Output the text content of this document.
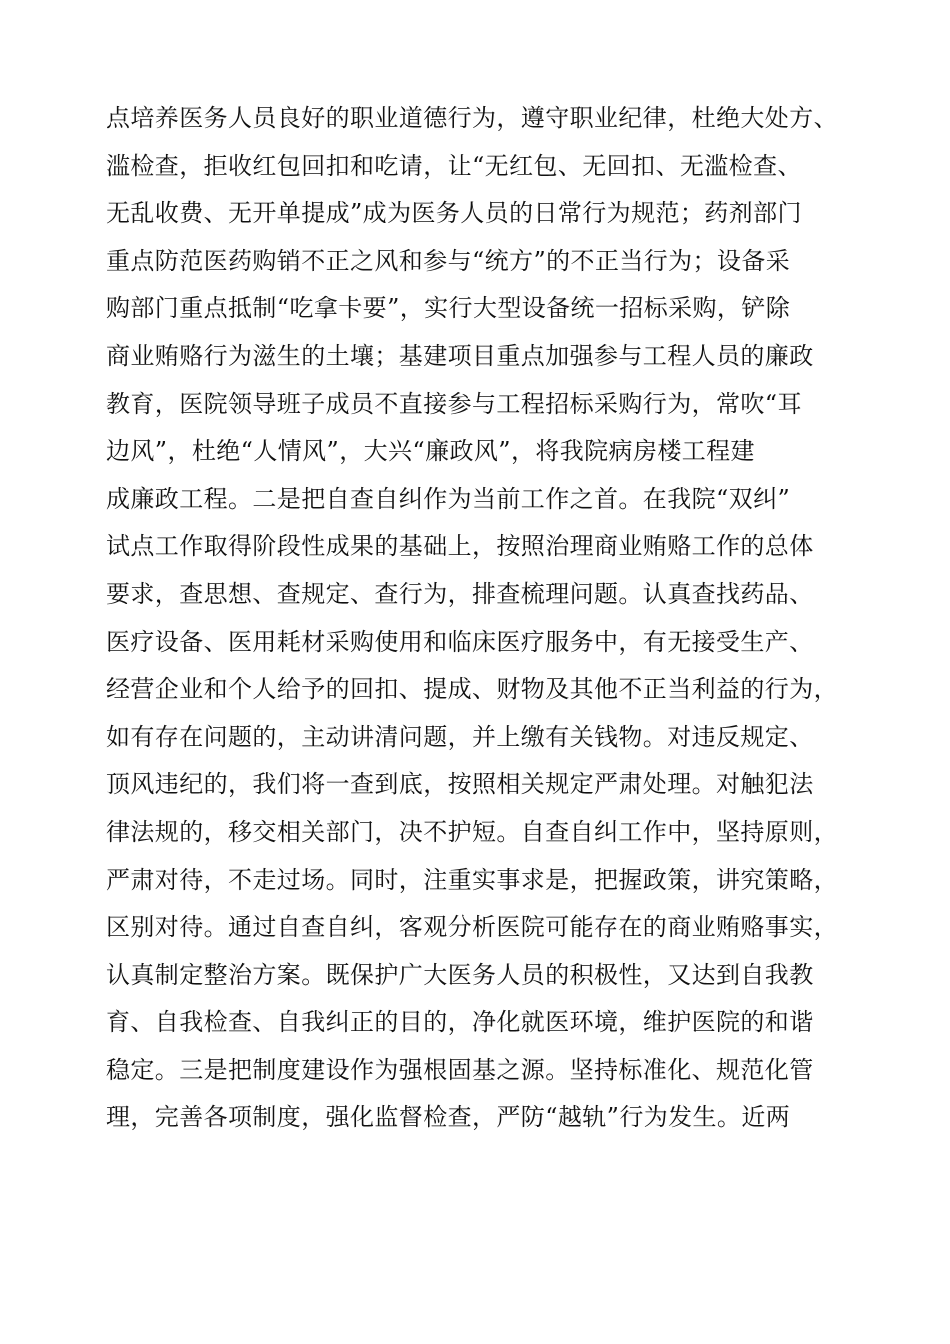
点培养医务人员良好的职业道德行为，遵守职业纪律，杜绝大处方、
滥检查，拒收红包回扣和吃请，让“无红包、无回扣、无滥检查、
无乱收费、无开单提成”成为医务人员的日常行为规范；药剂部门
重点防范医药购销不正之风和参与“统方”的不正当行为；设备采
购部门重点抵制“吃拿卡要”，实行大型设备统一招标采购，铲除
商业贿赂行为滋生的土壤；基建项目重点加强参与工程人员的廉政
教育，医院领导班子成员不直接参与工程招标采购行为，常吹“耳
边风”，杜绝“人情风”，大兴“廉政风”，将我院病房楼工程建
成廉政工程。二是把自查自纠作为当前工作之首。在我院“双纠”
试点工作取得阶段性成果的基础上，按照治理商业贿赂工作的总体
要求，查思想、查规定、查行为，排查梳理问题。认真查找药品、
医疗设备、医用耗材采购使用和临床医疗服务中，有无接受生产、
经营企业和个人给予的回扣、提成、财物及其他不正当利益的行为，
如有存在问题的，主动讲清问题，并上缴有关钱物。对违反规定、
顶风违纪的，我们将一查到底，按照相关规定严肃处理。对触犯法
律法规的，移交相关部门，决不护短。自查自纠工作中，坚持原则，
严肃对待，不走过场。同时，注重实事求是，把握政策，讲究策略，
区别对待。通过自查自纠，客观分析医院可能存在的商业贿赂事实，
认真制定整治方案。既保护广大医务人员的积极性，又达到自我教
育、自我检查、自我纠正的目的，净化就医环境，维护医院的和谐
稳定。三是把制度建设作为强根固基之源。坚持标准化、规范化管
理，完善各项制度，强化监督检查，严防“越轨”行为发生。近两
